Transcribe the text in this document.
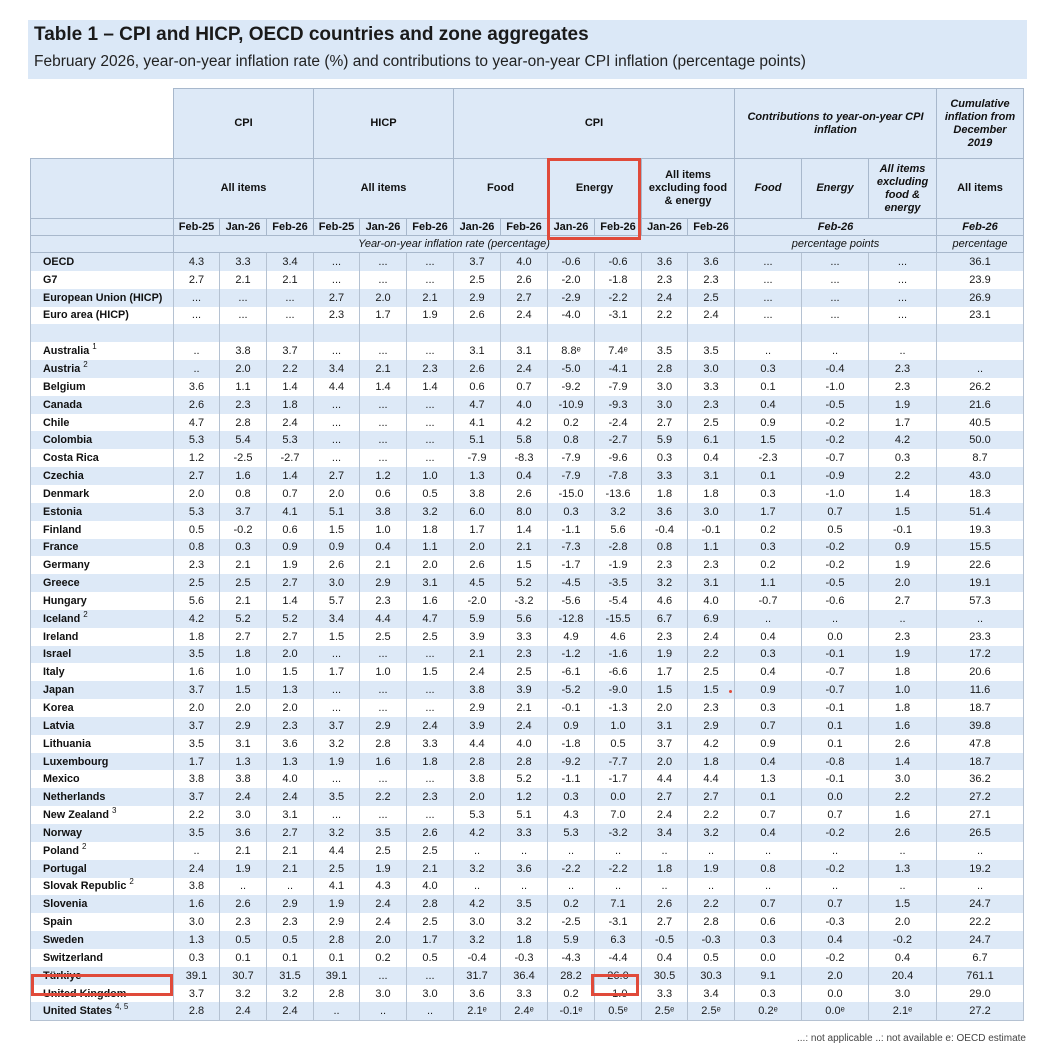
Table 1 – CPI and HICP, OECD countries and zone aggregates
February 2026, year-on-year inflation rate (%) and contributions to year-on-year CPI inflation (percentage points)
	CPI			HICP			CPI						Contributions to year-on-year CPI inflation			Cumulative inflation from December 2019
	All items			All items			Food		Energy		All items excluding food & energy		Food	Energy	All items excluding food & energy	All items
	Feb-25	Jan-26	Feb-26	Feb-25	Jan-26	Feb-26	Jan-26	Feb-26	Jan-26	Feb-26	Jan-26	Feb-26	Feb-26			Feb-26
	Year-on-year inflation rate (percentage)												percentage points			percentage
OECD	4.3	3.3	3.4	...	...	...	3.7	4.0	-0.6	-0.6	3.6	3.6	...	...	...	36.1
G7	2.7	2.1	2.1	...	...	...	2.5	2.6	-2.0	-1.8	2.3	2.3	...	...	...	23.9
European Union (HICP)	...	...	...	2.7	2.0	2.1	2.9	2.7	-2.9	-2.2	2.4	2.5	...	...	...	26.9
Euro area (HICP)	...	...	...	2.3	1.7	1.9	2.6	2.4	-4.0	-3.1	2.2	2.4	...	...	...	23.1

Australia $^1$	..	3.8	3.7	...	...	...	3.1	3.1	8.8ᵉ	7.4ᵉ	3.5	3.5	..	..	..	
Austria $^2$	..	2.0	2.2	3.4	2.1	2.3	2.6	2.4	-5.0	-4.1	2.8	3.0	0.3	-0.4	2.3	..
Belgium	3.6	1.1	1.4	4.4	1.4	1.4	0.6	0.7	-9.2	-7.9	3.0	3.3	0.1	-1.0	2.3	26.2
Canada	2.6	2.3	1.8	...	...	...	4.7	4.0	-10.9	-9.3	3.0	2.3	0.4	-0.5	1.9	21.6
Chile	4.7	2.8	2.4	...	...	...	4.1	4.2	0.2	-2.4	2.7	2.5	0.9	-0.2	1.7	40.5
Colombia	5.3	5.4	5.3	...	...	...	5.1	5.8	0.8	-2.7	5.9	6.1	1.5	-0.2	4.2	50.0
Costa Rica	1.2	-2.5	-2.7	...	...	...	-7.9	-8.3	-7.9	-9.6	0.3	0.4	-2.3	-0.7	0.3	8.7
Czechia	2.7	1.6	1.4	2.7	1.2	1.0	1.3	0.4	-7.9	-7.8	3.3	3.1	0.1	-0.9	2.2	43.0
Denmark	2.0	0.8	0.7	2.0	0.6	0.5	3.8	2.6	-15.0	-13.6	1.8	1.8	0.3	-1.0	1.4	18.3
Estonia	5.3	3.7	4.1	5.1	3.8	3.2	6.0	8.0	0.3	3.2	3.6	3.0	1.7	0.7	1.5	51.4
Finland	0.5	-0.2	0.6	1.5	1.0	1.8	1.7	1.4	-1.1	5.6	-0.4	-0.1	0.2	0.5	-0.1	19.3
France	0.8	0.3	0.9	0.9	0.4	1.1	2.0	2.1	-7.3	-2.8	0.8	1.1	0.3	-0.2	0.9	15.5
Germany	2.3	2.1	1.9	2.6	2.1	2.0	2.6	1.5	-1.7	-1.9	2.3	2.3	0.2	-0.2	1.9	22.6
Greece	2.5	2.5	2.7	3.0	2.9	3.1	4.5	5.2	-4.5	-3.5	3.2	3.1	1.1	-0.5	2.0	19.1
Hungary	5.6	2.1	1.4	5.7	2.3	1.6	-2.0	-3.2	-5.6	-5.4	4.6	4.0	-0.7	-0.6	2.7	57.3
Iceland $^2$	4.2	5.2	5.2	3.4	4.4	4.7	5.9	5.6	-12.8	-15.5	6.7	6.9	..	..	..	..
Ireland	1.8	2.7	2.7	1.5	2.5	2.5	3.9	3.3	4.9	4.6	2.3	2.4	0.4	0.0	2.3	23.3
Israel	3.5	1.8	2.0	...	...	...	2.1	2.3	-1.2	-1.6	1.9	2.2	0.3	-0.1	1.9	17.2
Italy	1.6	1.0	1.5	1.7	1.0	1.5	2.4	2.5	-6.1	-6.6	1.7	2.5	0.4	-0.7	1.8	20.6
Japan	3.7	1.5	1.3	...	...	...	3.8	3.9	-5.2	-9.0	1.5	1.5	0.9	-0.7	1.0	11.6
Korea	2.0	2.0	2.0	...	...	...	2.9	2.1	-0.1	-1.3	2.0	2.3	0.3	-0.1	1.8	18.7
Latvia	3.7	2.9	2.3	3.7	2.9	2.4	3.9	2.4	0.9	1.0	3.1	2.9	0.7	0.1	1.6	39.8
Lithuania	3.5	3.1	3.6	3.2	2.8	3.3	4.4	4.0	-1.8	0.5	3.7	4.2	0.9	0.1	2.6	47.8
Luxembourg	1.7	1.3	1.3	1.9	1.6	1.8	2.8	2.8	-9.2	-7.7	2.0	1.8	0.4	-0.8	1.4	18.7
Mexico	3.8	3.8	4.0	...	...	...	3.8	5.2	-1.1	-1.7	4.4	4.4	1.3	-0.1	3.0	36.2
Netherlands	3.7	2.4	2.4	3.5	2.2	2.3	2.0	1.2	0.3	0.0	2.7	2.7	0.1	0.0	2.2	27.2
New Zealand $^3$	2.2	3.0	3.1	...	...	...	5.3	5.1	4.3	7.0	2.4	2.2	0.7	0.7	1.6	27.1
Norway	3.5	3.6	2.7	3.2	3.5	2.6	4.2	3.3	5.3	-3.2	3.4	3.2	0.4	-0.2	2.6	26.5
Poland $^2$	..	2.1	2.1	4.4	2.5	2.5	..	..	..	..	..	..	..	..	..	..
Portugal	2.4	1.9	2.1	2.5	1.9	2.1	3.2	3.6	-2.2	-2.2	1.8	1.9	0.8	-0.2	1.3	19.2
Slovak Republic $^2$	3.8	..	..	4.1	4.3	4.0	..	..	..	..	..	..	..	..	..	..
Slovenia	1.6	2.6	2.9	1.9	2.4	2.8	4.2	3.5	0.2	7.1	2.6	2.2	0.7	0.7	1.5	24.7
Spain	3.0	2.3	2.3	2.9	2.4	2.5	3.0	3.2	-2.5	-3.1	2.7	2.8	0.6	-0.3	2.0	22.2
Sweden	1.3	0.5	0.5	2.8	2.0	1.7	3.2	1.8	5.9	6.3	-0.5	-0.3	0.3	0.4	-0.2	24.7
Switzerland	0.3	0.1	0.1	0.1	0.2	0.5	-0.4	-0.3	-4.3	-4.4	0.4	0.5	0.0	-0.2	0.4	6.7
Türkiye	39.1	30.7	31.5	39.1	...	...	31.7	36.4	28.2	26.0	30.5	30.3	9.1	2.0	20.4	761.1
United Kingdom	3.7	3.2	3.2	2.8	3.0	3.0	3.6	3.3	0.2	-1.0	3.3	3.4	0.3	0.0	3.0	29.0
United States $^{4, 5}$	2.8	2.4	2.4	..	..	..	2.1ᵉ	2.4ᵉ	-0.1ᵉ	0.5ᵉ	2.5ᵉ	2.5ᵉ	0.2ᵉ	0.0ᵉ	2.1ᵉ	27.2
...: not applicable ..: not available e: OECD estimate
